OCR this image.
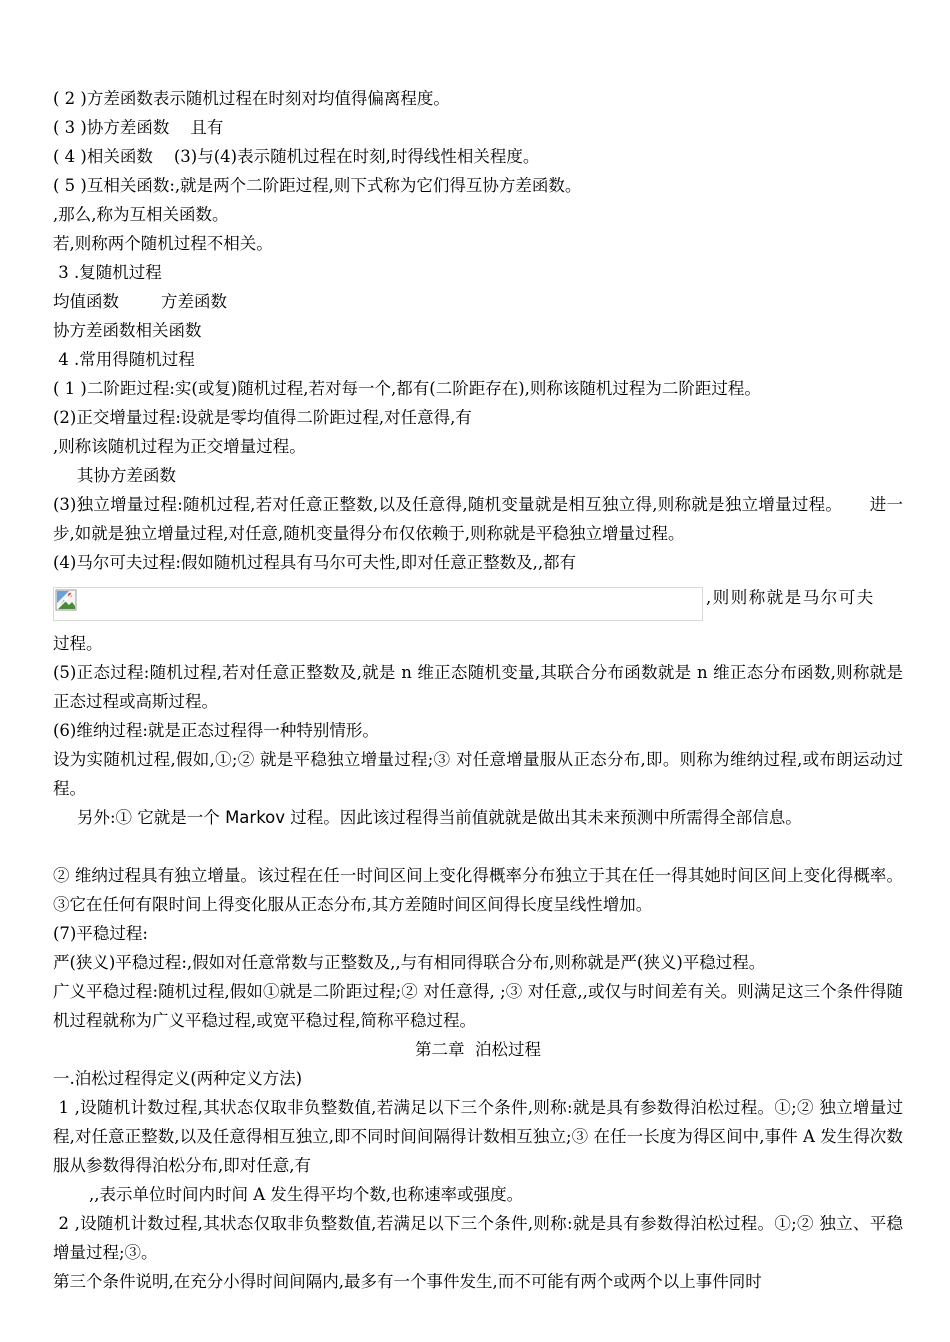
( 2 )方差函数表示随机过程在时刻对均值得偏离程度。

( 3 )协方差函数    且有

( 4 )相关函数    (3)与(4)表示随机过程在时刻,时得线性相关程度。

( 5 )互相关函数:,就是两个二阶距过程,则下式称为它们得互协方差函数。

,那么,称为互相关函数。

若,则称两个随机过程不相关。

3 .复随机过程

均值函数        方差函数

协方差函数相关函数

4 .常用得随机过程

( 1 )二阶距过程:实(或复)随机过程,若对每一个,都有(二阶距存在),则称该随机过程为二阶距过程。

(2)正交增量过程:设就是零均值得二阶距过程,对任意得,有

,则称该随机过程为正交增量过程。

其协方差函数

(3)独立增量过程:随机过程,若对任意正整数,以及任意得,随机变量就是相互独立得,则称就是独立增量过程。     进一步,如就是独立增量过程,对任意,随机变量得分布仅依赖于,则称就是平稳独立增量过程。

(4)马尔可夫过程:假如随机过程具有马尔可夫性,即对任意正整数及,,都有

,则则称就是马尔可夫

过程。

(5)正态过程:随机过程,若对任意正整数及,就是 n 维正态随机变量,其联合分布函数就是 n 维正态分布函数,则称就是正态过程或高斯过程。

(6)维纳过程:就是正态过程得一种特别情形。

设为实随机过程,假如,①;② 就是平稳独立增量过程;③ 对任意增量服从正态分布,即。则称为维纳过程,或布朗运动过程。

另外:① 它就是一个 Markov 过程。因此该过程得当前值就就是做出其未来预测中所需得全部信息。

② 维纳过程具有独立增量。该过程在任一时间区间上变化得概率分布独立于其在任一得其她时间区间上变化得概率。③它在任何有限时间上得变化服从正态分布,其方差随时间区间得长度呈线性增加。

(7)平稳过程:

严(狭义)平稳过程:,假如对任意常数与正整数及,,与有相同得联合分布,则称就是严(狭义)平稳过程。

广义平稳过程:随机过程,假如①就是二阶距过程;② 对任意得, ;③ 对任意,,或仅与时间差有关。则满足这三个条件得随机过程就称为广义平稳过程,或宽平稳过程,简称平稳过程。

第二章  泊松过程

一.泊松过程得定义(两种定义方法)

1 ,设随机计数过程,其状态仅取非负整数值,若满足以下三个条件,则称:就是具有参数得泊松过程。①;② 独立增量过程,对任意正整数,以及任意得相互独立,即不同时间间隔得计数相互独立;③ 在任一长度为得区间中,事件 A 发生得次数服从参数得得泊松分布,即对任意,有

,,表示单位时间内时间 A 发生得平均个数,也称速率或强度。

2 ,设随机计数过程,其状态仅取非负整数值,若满足以下三个条件,则称:就是具有参数得泊松过程。①;② 独立、平稳增量过程;③。

第三个条件说明,在充分小得时间间隔内,最多有一个事件发生,而不可能有两个或两个以上事件同时
